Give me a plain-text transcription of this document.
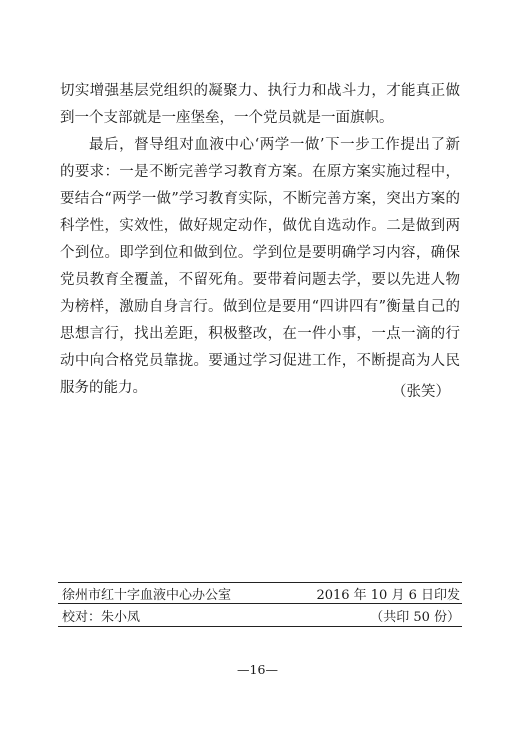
切实增强基层党组织的凝聚力、执行力和战斗力，才能真正做到一个支部就是一座堡垒，一个党员就是一面旗帜。

最后，督导组对血液中心‘两学一做’下一步工作提出了新的要求：一是不断完善学习教育方案。在原方案实施过程中，要结合“两学一做”学习教育实际，不断完善方案，突出方案的科学性，实效性，做好规定动作，做优自选动作。二是做到两个到位。即学到位和做到位。学到位是要明确学习内容，确保党员教育全覆盖，不留死角。要带着问题去学，要以先进人物为榜样，激励自身言行。做到位是要用“四讲四有”衡量自己的思想言行，找出差距，积极整改，在一件小事，一点一滴的行动中向合格党员靠拢。要通过学习促进工作，不断提高为人民服务的能力。	（张笑）
徐州市红十字血液中心办公室	2016 年 10 月 6 日印发
校对：朱小凤	（共印 50 份）
—16—
